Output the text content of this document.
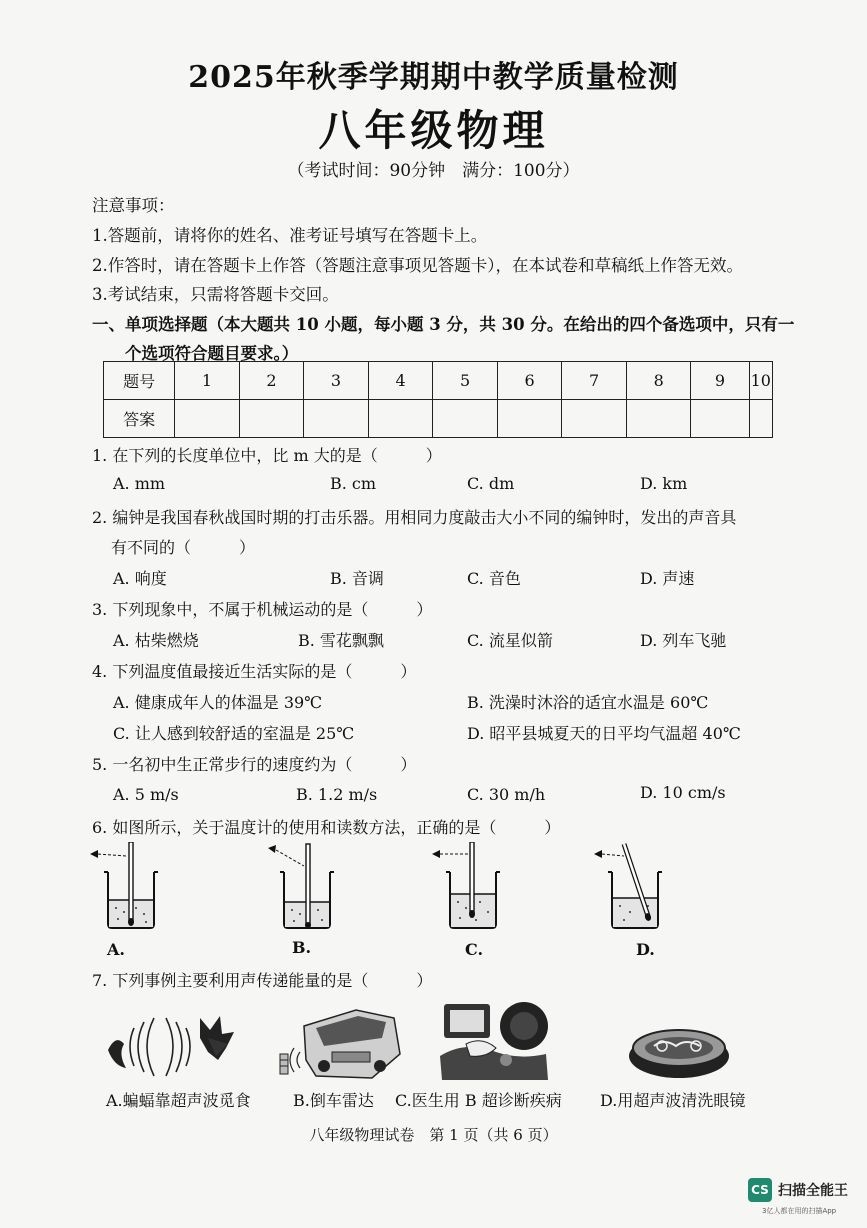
2025年秋季学期期中教学质量检测
八年级物理
（考试时间：90分钟　满分：100分）
注意事项：
1.答题前，请将你的姓名、准考证号填写在答题卡上。
2.作答时，请在答题卡上作答（答题注意事项见答题卡），在本试卷和草稿纸上作答无效。
3.考试结束，只需将答题卡交回。
一、单项选择题（本大题共 10 小题，每小题 3 分，共 30 分。在给出的四个备选项中，只有一
个选项符合题目要求。）
题号	1	2	3	4	5	6	7	8	9	10
答案										
1. 在下列的长度单位中，比 m 大的是（　　　）
A. mm	B. cm	C. dm	D. km
2. 编钟是我国春秋战国时期的打击乐器。用相同力度敲击大小不同的编钟时，发出的声音具
有不同的（　　　）
A. 响度	B. 音调	C. 音色	D. 声速
3. 下列现象中，不属于机械运动的是（　　　）
A. 枯柴燃烧	B. 雪花飘飘	C. 流星似箭	D. 列车飞驰
4. 下列温度值最接近生活实际的是（　　　）
A. 健康成年人的体温是 39℃	B. 洗澡时沐浴的适宜水温是 60℃
C. 让人感到较舒适的室温是 25℃	D. 昭平县城夏天的日平均气温超 40℃
5. 一名初中生正常步行的速度约为（　　　）
A. 5 m/s	B. 1.2 m/s	C. 30 m/h	D. 10 cm/s
6. 如图所示，关于温度计的使用和读数方法，正确的是（　　　）
A.	B.	C.	D.
7. 下列事例主要利用声传递能量的是（　　　）
A.蝙蝠靠超声波觅食	B.倒车雷达 C.医生用 B 超诊断疾病 D.用超声波清洗眼镜
八年级物理试卷　第 1 页（共 6 页）
CS 扫描全能王
3亿人都在用的扫描App
